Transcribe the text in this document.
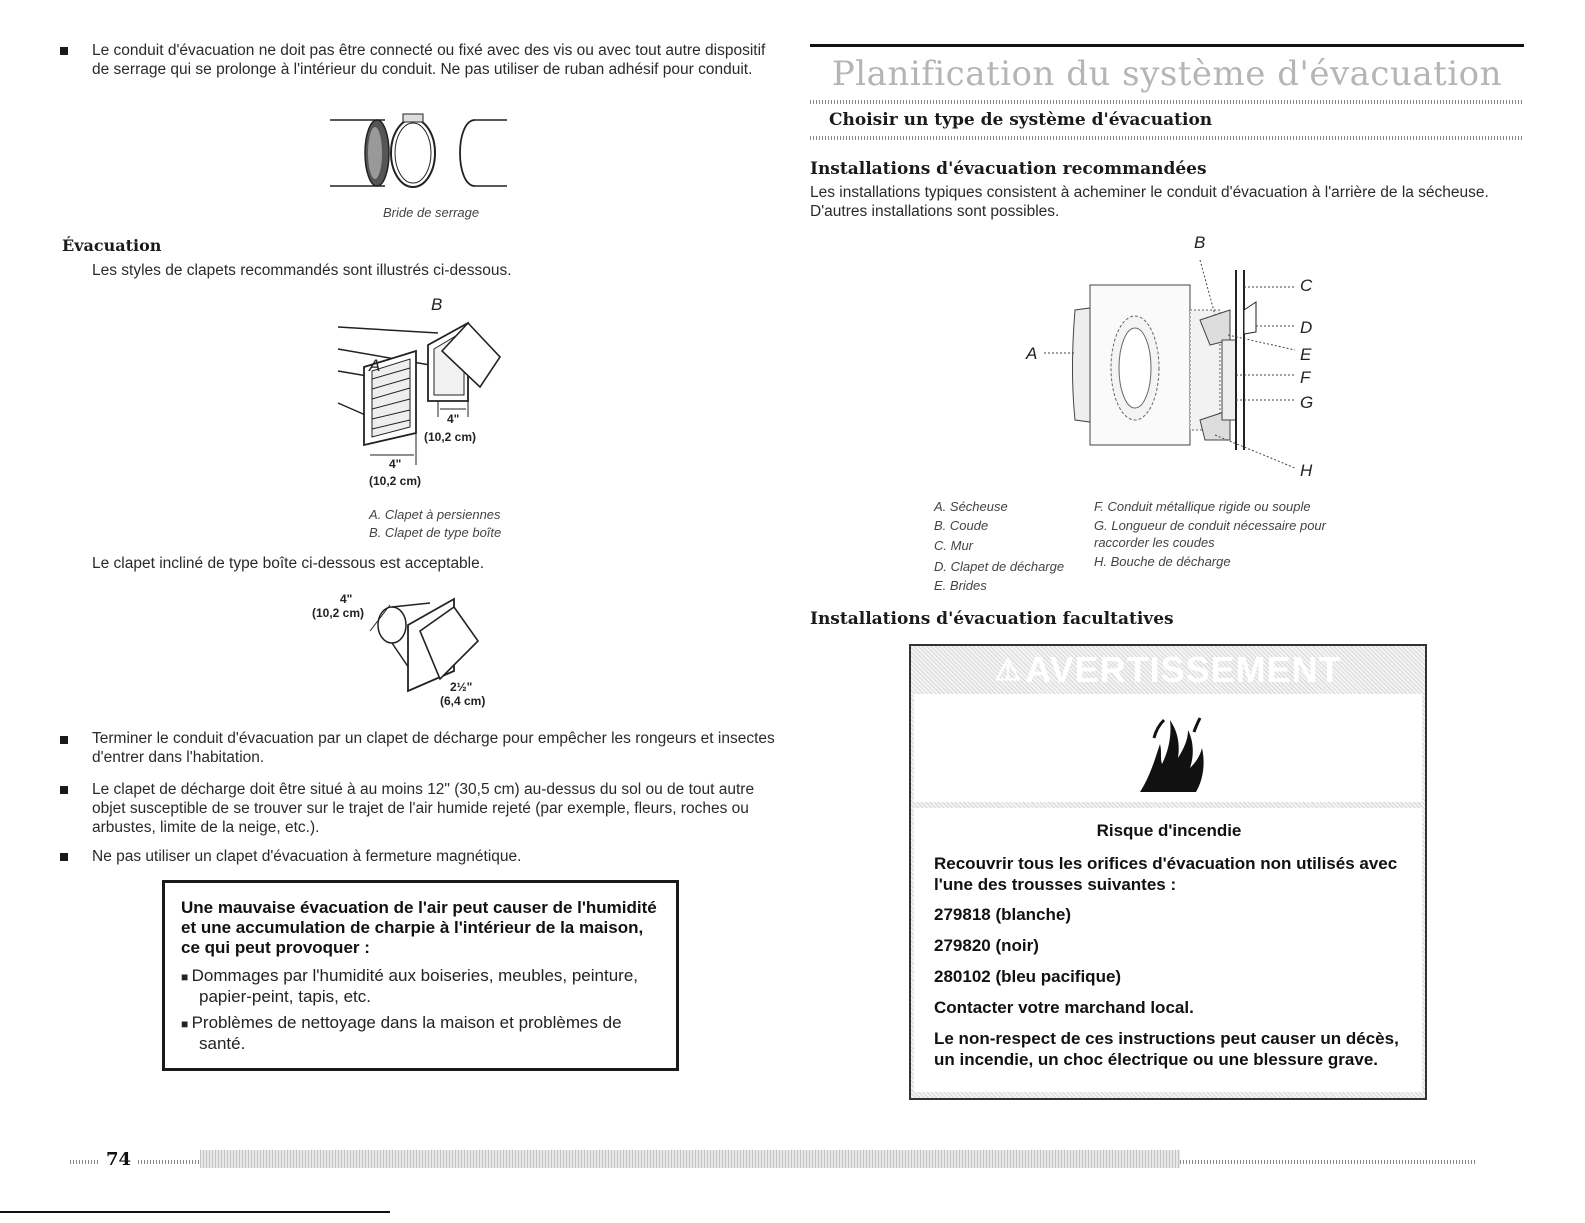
Le conduit d'évacuation ne doit pas être connecté ou fixé avec des vis ou avec tout autre dispositif de serrage qui se prolonge à l'intérieur du conduit. Ne pas utiliser de ruban adhésif pour conduit.
Bride de serrage
Évacuation
Les styles de clapets recommandés sont illustrés ci-dessous.
B
A
4"
(10,2 cm)
4"
(10,2 cm)
A. Clapet à persiennes
B. Clapet de type boîte
Le clapet incliné de type boîte ci-dessous est acceptable.
4"
(10,2 cm)
2½"
(6,4 cm)
Terminer le conduit d'évacuation par un clapet de décharge pour empêcher les rongeurs et insectes d'entrer dans l'habitation.
Le clapet de décharge doit être situé à au moins 12" (30,5 cm) au-dessus du sol ou de tout autre objet susceptible de se trouver sur le trajet de l'air humide rejeté (par exemple, fleurs, roches ou arbustes, limite de la neige, etc.).
Ne pas utiliser un clapet d'évacuation à fermeture magnétique.
Une mauvaise évacuation de l'air peut causer de l'humidité et une accumulation de charpie à l'intérieur de la maison, ce qui peut provoquer :
■ Dommages par l'humidité aux boiseries, meubles, peinture, papier-peint, tapis, etc.
■ Problèmes de nettoyage dans la maison et problèmes de santé.
Planification du système d'évacuation
Choisir un type de système d'évacuation
Installations d'évacuation recommandées
Les installations typiques consistent à acheminer le conduit d'évacuation à l'arrière de la sécheuse. D'autres installations sont possibles.
B
C
D
A	E
F
G
H
A. Sécheuse
B. Coude
C. Mur
D. Clapet de décharge
E. Brides
F. Conduit métallique rigide ou souple
G. Longueur de conduit nécessaire pour raccorder les coudes
H. Bouche de décharge
Installations d'évacuation facultatives
⚠ AVERTISSEMENT
Risque d'incendie
Recouvrir tous les orifices d'évacuation non utilisés avec l'une des trousses suivantes :
279818 (blanche)
279820 (noir)
280102 (bleu pacifique)
Contacter votre marchand local.
Le non-respect de ces instructions peut causer un décès, un incendie, un choc électrique ou une blessure grave.
74
